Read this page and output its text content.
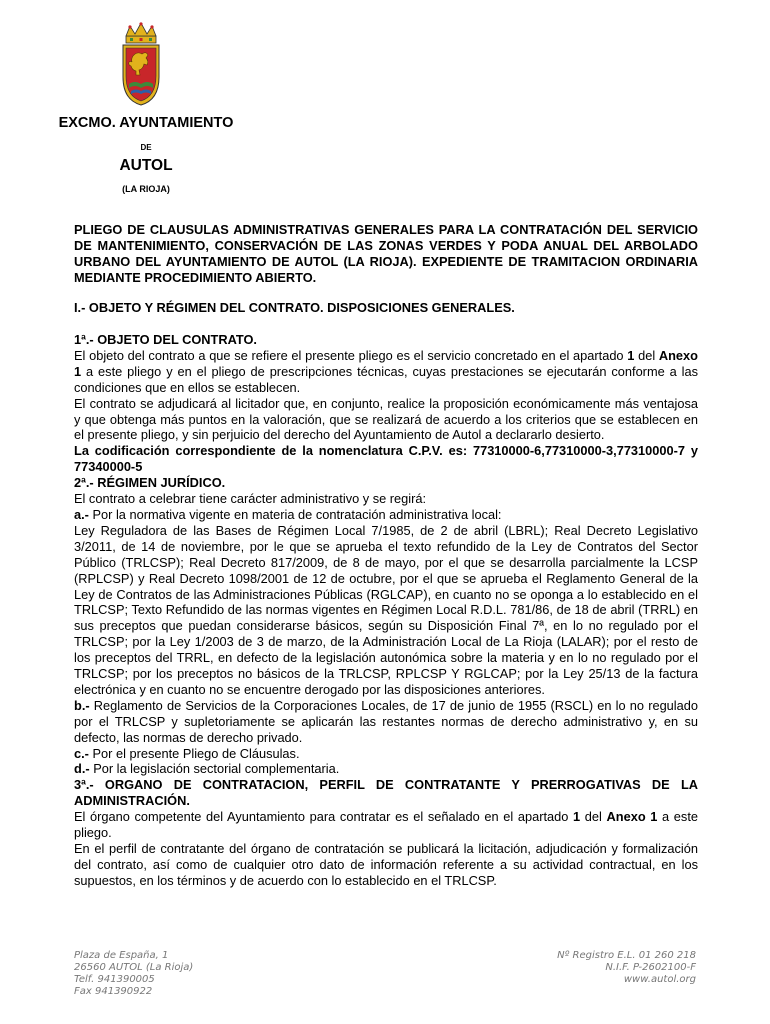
EXCMO. AYUNTAMIENTO
DE
AUTOL
(LA RIOJA)
PLIEGO DE CLAUSULAS ADMINISTRATIVAS GENERALES PARA LA CONTRATACIÓN DEL SERVICIO DE MANTENIMIENTO, CONSERVACIÓN DE LAS ZONAS VERDES Y PODA ANUAL DEL ARBOLADO URBANO DEL AYUNTAMIENTO DE AUTOL (LA RIOJA). EXPEDIENTE DE TRAMITACION ORDINARIA MEDIANTE PROCEDIMIENTO ABIERTO.
I.- OBJETO Y RÉGIMEN DEL CONTRATO. DISPOSICIONES GENERALES.

1ª.- OBJETO DEL CONTRATO.

El objeto del contrato a que se refiere el presente pliego es el servicio concretado en el apartado 1 del Anexo 1 a este pliego y en el pliego de prescripciones técnicas, cuyas prestaciones se ejecutarán conforme a las condiciones que en ellos se establecen.

El contrato se adjudicará al licitador que, en conjunto, realice la proposición económicamente más ventajosa y que obtenga más puntos en la valoración, que se realizará de acuerdo a los criterios que se establecen en el presente pliego, y sin perjuicio del derecho del Ayuntamiento de Autol a declararlo desierto.

La codificación correspondiente de la nomenclatura C.P.V. es: 77310000-6,77310000-3,77310000-7 y 77340000-5

2ª.- RÉGIMEN JURÍDICO.

El contrato a celebrar tiene carácter administrativo y se regirá:

a.- Por la normativa vigente en materia de contratación administrativa local:

Ley Reguladora de las Bases de Régimen Local 7/1985, de 2 de abril (LBRL); Real Decreto Legislativo 3/2011, de 14 de noviembre, por le que se aprueba el texto refundido de la Ley de Contratos del Sector Público (TRLCSP); Real Decreto 817/2009, de 8 de mayo, por el que se desarrolla parcialmente la LCSP (RPLCSP) y Real Decreto 1098/2001 de 12 de octubre, por el que se aprueba el Reglamento General de la Ley de Contratos de las Administraciones Públicas (RGLCAP), en cuanto no se oponga a lo establecido en el TRLCSP; Texto Refundido de las normas vigentes en Régimen Local R.D.L. 781/86, de 18 de abril (TRRL) en sus preceptos que puedan considerarse básicos, según su Disposición Final 7ª, en lo no regulado por el TRLCSP; por la Ley 1/2003 de 3 de marzo, de la Administración Local de La Rioja (LALAR); por el resto de los preceptos del TRRL, en defecto de la legislación autonómica sobre la materia y en lo no regulado por el TRLCSP; por los preceptos no básicos de la TRLCSP, RPLCSP Y RGLCAP; por la Ley 25/13 de la factura electrónica y en cuanto no se encuentre derogado por las disposiciones anteriores.

b.- Reglamento de Servicios de la Corporaciones Locales, de 17 de junio de 1955 (RSCL) en lo no regulado por el TRLCSP y supletoriamente se aplicarán las restantes normas de derecho administrativo y, en su defecto, las normas de derecho privado.

c.- Por el presente Pliego de Cláusulas.

d.- Por la legislación sectorial complementaria.

3ª.- ORGANO DE CONTRATACION, PERFIL DE CONTRATANTE Y PRERROGATIVAS DE LA ADMINISTRACIÓN.

El órgano competente del Ayuntamiento para contratar es el señalado en el apartado 1 del Anexo 1 a este pliego.

En el perfil de contratante del órgano de contratación se publicará la licitación, adjudicación y formalización del contrato, así como de cualquier otro dato de información referente a su actividad contractual, en los supuestos, en los términos y de acuerdo con lo establecido en el TRLCSP.

Plaza de España, 1
26560 AUTOL (La Rioja)
Telf. 941390005
Fax 941390922
Nº Registro E.L. 01 260 218
N.I.F. P-2602100-F
www.autol.org
